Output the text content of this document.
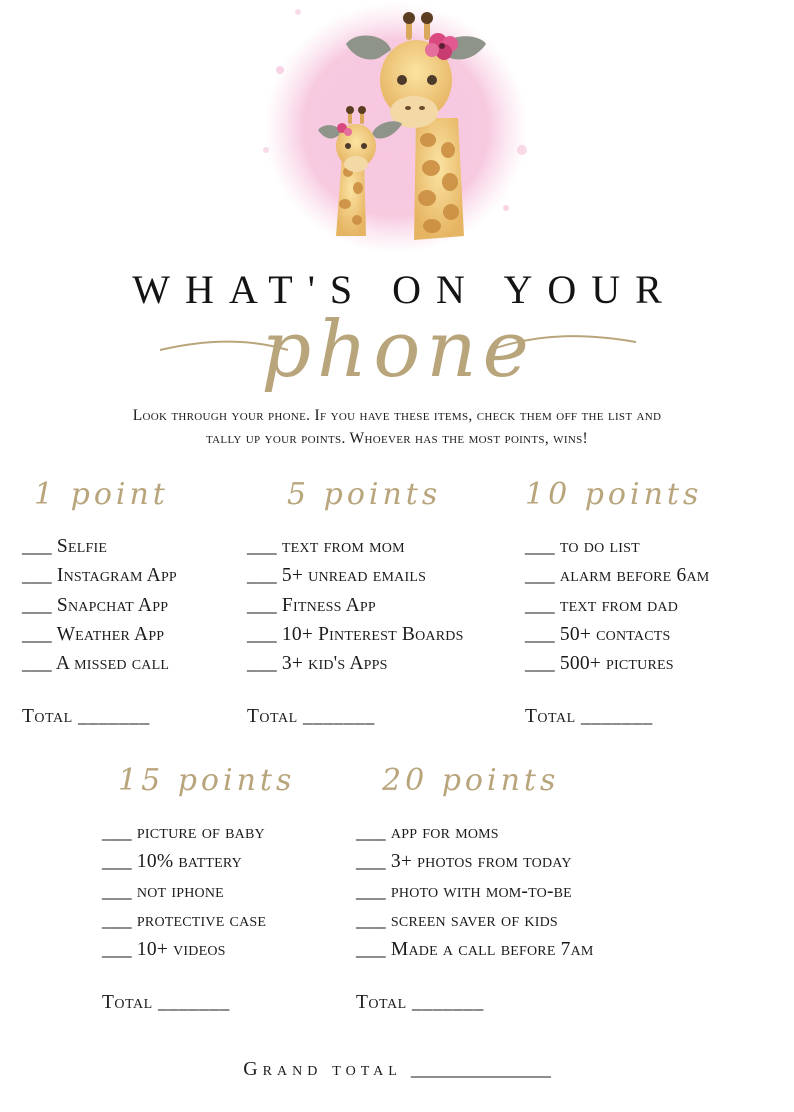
WHAT'S ON YOUR
phone
Look through your phone. If you have these items, check them off the list and
tally up your points. Whoever has the most points, wins!
1 point
___ Selfie
___ Instagram App
___ Snapchat App
___ Weather App
___ A missed call
Total _______
5 points
___ text from mom
___ 5+ unread emails
___ Fitness App
___ 10+ Pinterest Boards
___ 3+ kid's Apps
Total _______
10 points
___ to do list
___ alarm before 6am
___ text from dad
___ 50+ contacts
___ 500+ pictures
Total _______
15 points
___ picture of baby
___ 10% battery
___ not iphone
___ protective case
___ 10+ videos
Total _______
20 points
___ app for moms
___ 3+ photos from today
___ photo with mom-to-be
___ screen saver of kids
___ Made a call before 7am
Total _______
Grand total ______________
